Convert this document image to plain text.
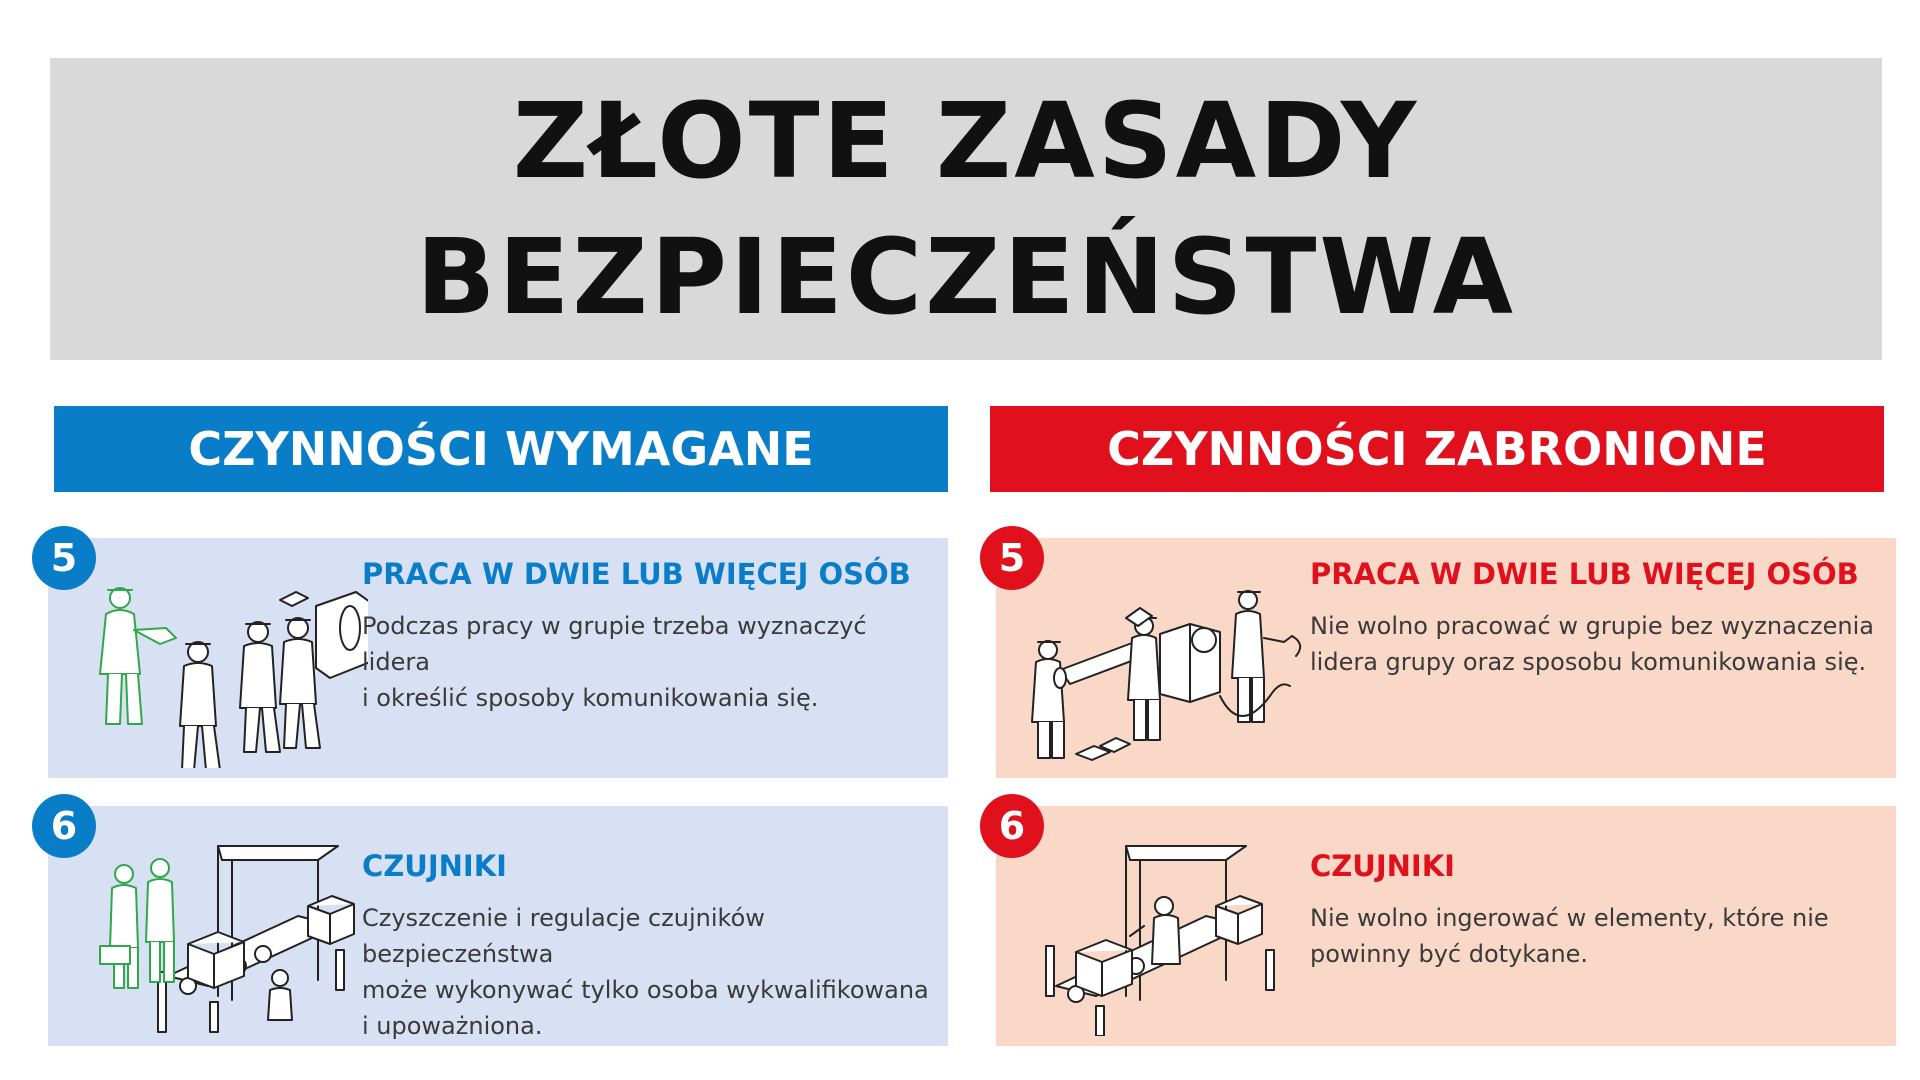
ZŁOTE ZASADY
BEZPIECZEŃSTWA
CZYNNOŚCI WYMAGANE	CZYNNOŚCI ZABRONIONE
5	PRACA W DWIE LUB WIĘCEJ OSÓB

Podczas pracy w grupie trzeba wyznaczyć lidera
i określić sposoby komunikowania się.

6
CZUJNIKI

Czyszczenie i regulacje czujników bezpieczeństwa
może wykonywać tylko osoba wykwalifikowana
i upoważniona.

5	PRACA W DWIE LUB WIĘCEJ OSÓB

Nie wolno pracować w grupie bez wyznaczenia
lidera grupy oraz sposobu komunikowania się.

6
CZUJNIKI

Nie wolno ingerować w elementy, które nie
powinny być dotykane.
